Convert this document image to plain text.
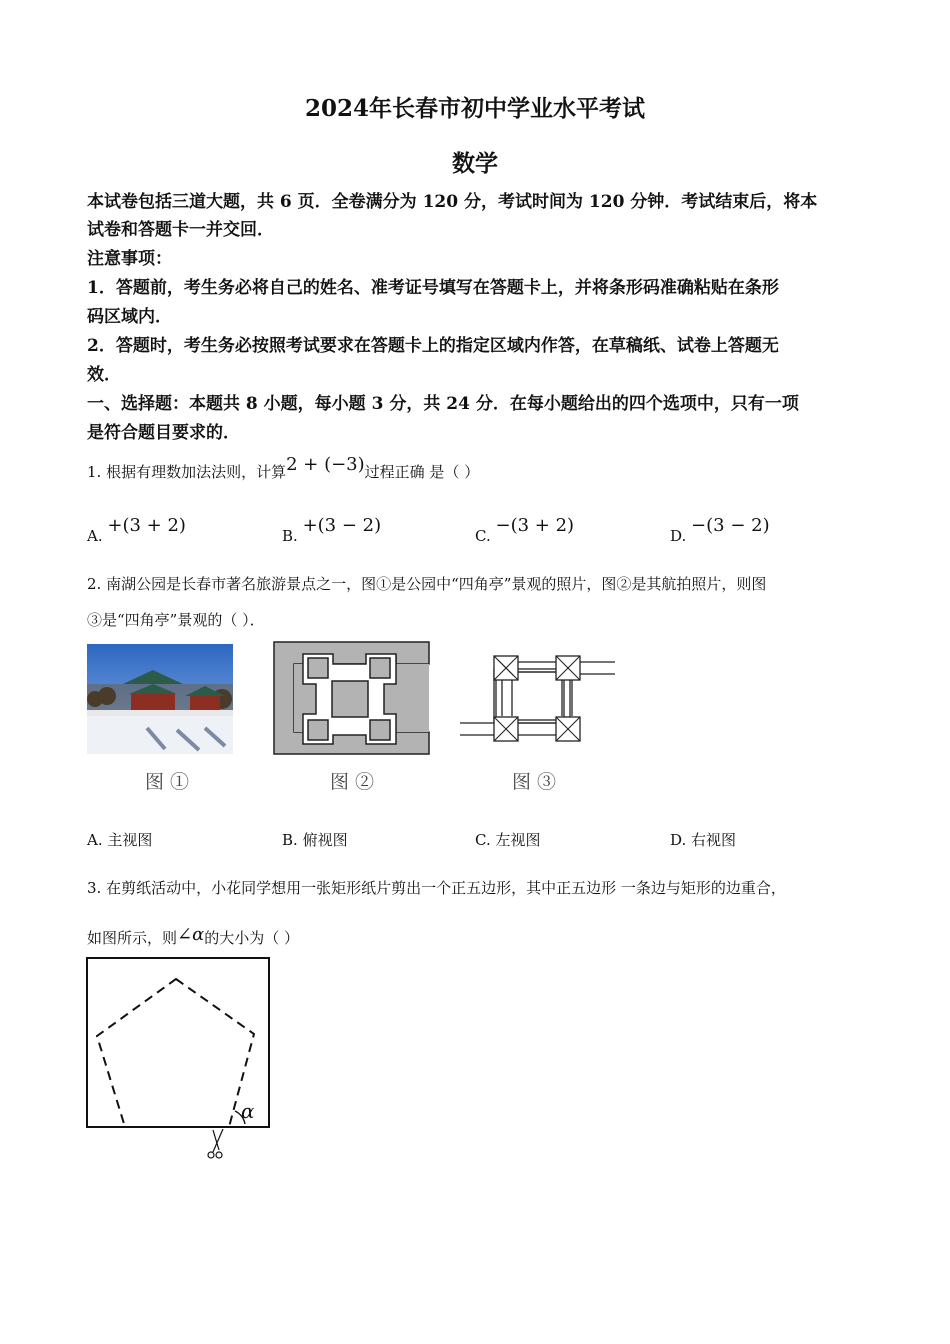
2024年长春市初中学业水平考试
数学
本试卷包括三道大题，共 6 页．全卷满分为 120 分，考试时间为 120 分钟．考试结束后，将本
试卷和答题卡一并交回．
注意事项：
1．答题前，考生务必将自己的姓名、准考证号填写在答题卡上，并将条形码准确粘贴在条形
码区域内．
2．答题时，考生务必按照考试要求在答题卡上的指定区域内作答，在草稿纸、试卷上答题无
效．
一、选择题：本题共 8 小题，每小题 3 分，共 24 分．在每小题给出的四个选项中，只有一项
是符合题目要求的．
1. 根据有理数加法法则，计算2 + (−3)过程正确 是（ ）
A. +(3 + 2)	B. +(3 − 2)	C. −(3 + 2)	D. −(3 − 2)
2. 南湖公园是长春市著名旅游景点之一，图①是公园中“四角亭”景观的照片，图②是其航拍照片，则图
③是“四角亭”景观的（ ）．
图 ①	图 ②	图 ③
A. 主视图	B. 俯视图	C. 左视图	D. 右视图
3. 在剪纸活动中，小花同学想用一张矩形纸片剪出一个正五边形，其中正五边形 一条边与矩形的边重合，
如图所示，则∠α的大小为（ ）
α
